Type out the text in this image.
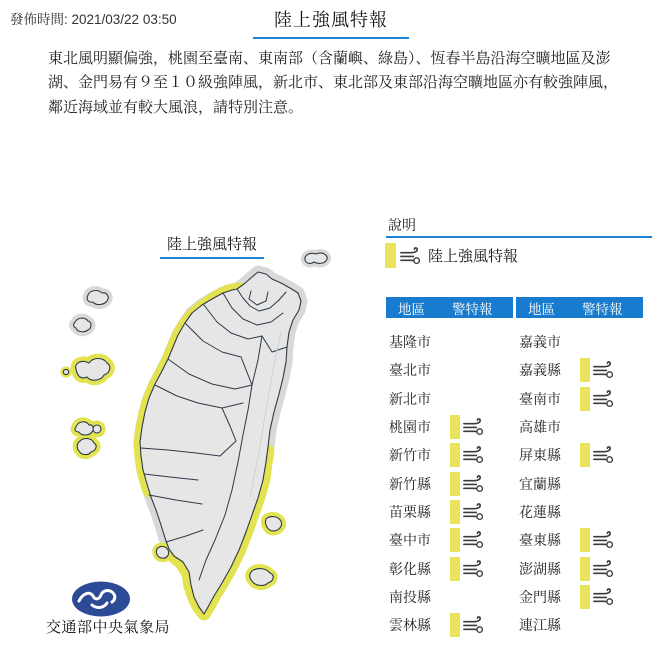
發佈時間: 2021/03/22 03:50	陸上強風特報
東北風明顯偏強，桃園至臺南、東南部（含蘭嶼、綠島）、恆春半島沿海空曠地區及澎湖、金門易有９至１０級強陣風，新北市、東北部及東部沿海空曠地區亦有較強陣風，鄰近海域並有較大風浪，請特別注意。
陸上強風特報
交通部中央氣象局
說明
陸上強風特報
地區	警特報
基隆市
臺北市
新北市
桃園市
新竹市
新竹縣
苗栗縣
臺中市
彰化縣
南投縣
雲林縣
地區	警特報
嘉義市
嘉義縣
臺南市
高雄市
屏東縣
宜蘭縣
花蓮縣
臺東縣
澎湖縣
金門縣
連江縣
